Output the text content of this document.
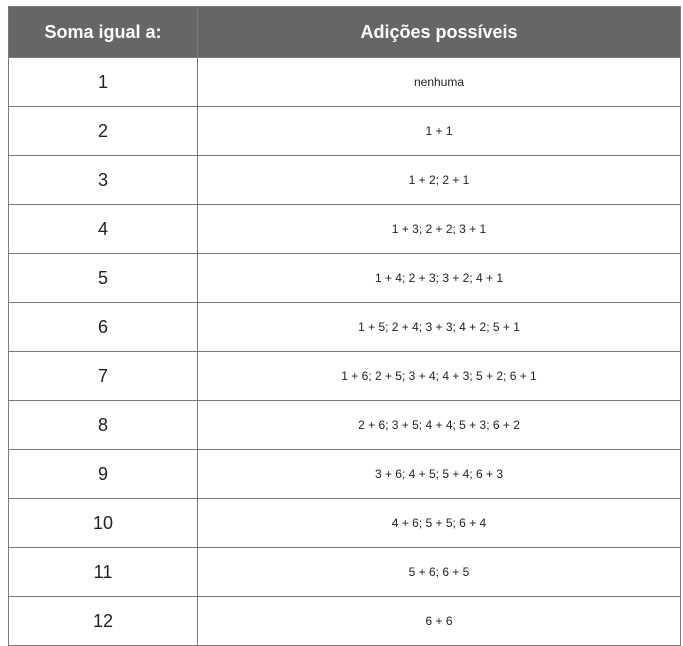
Soma igual a:	Adições possíveis
1	nenhuma
2	1 + 1
3	1 + 2; 2 + 1
4	1 + 3; 2 + 2; 3 + 1
5	1 + 4; 2 + 3; 3 + 2; 4 + 1
6	1 + 5; 2 + 4; 3 + 3; 4 + 2; 5 + 1
7	1 + 6; 2 + 5; 3 + 4; 4 + 3; 5 + 2; 6 + 1
8	2 + 6; 3 + 5; 4 + 4; 5 + 3; 6 + 2
9	3 + 6; 4 + 5; 5 + 4; 6 + 3
10	4 + 6; 5 + 5; 6 + 4
11	5 + 6; 6 + 5
12	6 + 6
